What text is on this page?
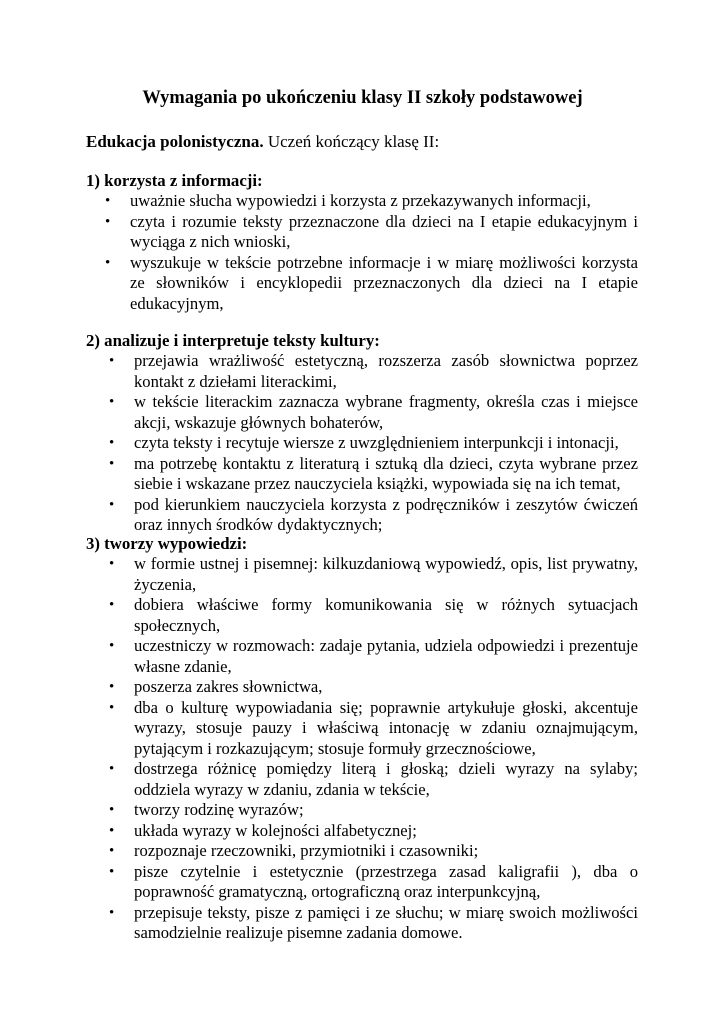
Wymagania po ukończeniu klasy II szkoły podstawowej
Edukacja polonistyczna. Uczeń kończący klasę II:
1) korzysta z informacji:
• uważnie słucha wypowiedzi i korzysta z przekazywanych informacji,
• czyta i rozumie teksty przeznaczone dla dzieci na I etapie edukacyjnym i wyciąga z nich wnioski,
• wyszukuje w tekście potrzebne informacje i w miarę możliwości korzysta ze słowników i encyklopedii przeznaczonych dla dzieci na I etapie edukacyjnym,
2) analizuje i interpretuje teksty kultury:
• przejawia wrażliwość estetyczną, rozszerza zasób słownictwa poprzez kontakt z dziełami literackimi,
• w tekście literackim zaznacza wybrane fragmenty, określa czas i miejsce akcji, wskazuje głównych bohaterów,
• czyta teksty i recytuje wiersze z uwzględnieniem interpunkcji i intonacji,
• ma potrzebę kontaktu z literaturą i sztuką dla dzieci, czyta wybrane przez siebie i wskazane przez nauczyciela książki, wypowiada się na ich temat,
• pod kierunkiem nauczyciela korzysta z podręczników i zeszytów ćwiczeń oraz innych środków dydaktycznych;
3) tworzy wypowiedzi:
• w formie ustnej i pisemnej: kilkuzdaniową wypowiedź, opis, list prywatny, życzenia,
• dobiera właściwe formy komunikowania się w różnych sytuacjach społecznych,
• uczestniczy w rozmowach: zadaje pytania, udziela odpowiedzi i prezentuje własne zdanie,
• poszerza zakres słownictwa,
• dba o kulturę wypowiadania się; poprawnie artykułuje głoski, akcentuje wyrazy, stosuje pauzy i właściwą intonację w zdaniu oznajmującym, pytającym i rozkazującym; stosuje formuły grzecznościowe,
• dostrzega różnicę pomiędzy literą i głoską; dzieli wyrazy na sylaby; oddziela wyrazy w zdaniu, zdania w tekście,
• tworzy rodzinę wyrazów;
• układa wyrazy w kolejności alfabetycznej;
• rozpoznaje rzeczowniki, przymiotniki i czasowniki;
• pisze czytelnie i estetycznie (przestrzega zasad kaligrafii ), dba o poprawność gramatyczną, ortograficzną oraz interpunkcyjną,
• przepisuje teksty, pisze z pamięci i ze słuchu; w miarę swoich możliwości samodzielnie realizuje pisemne zadania domowe.
